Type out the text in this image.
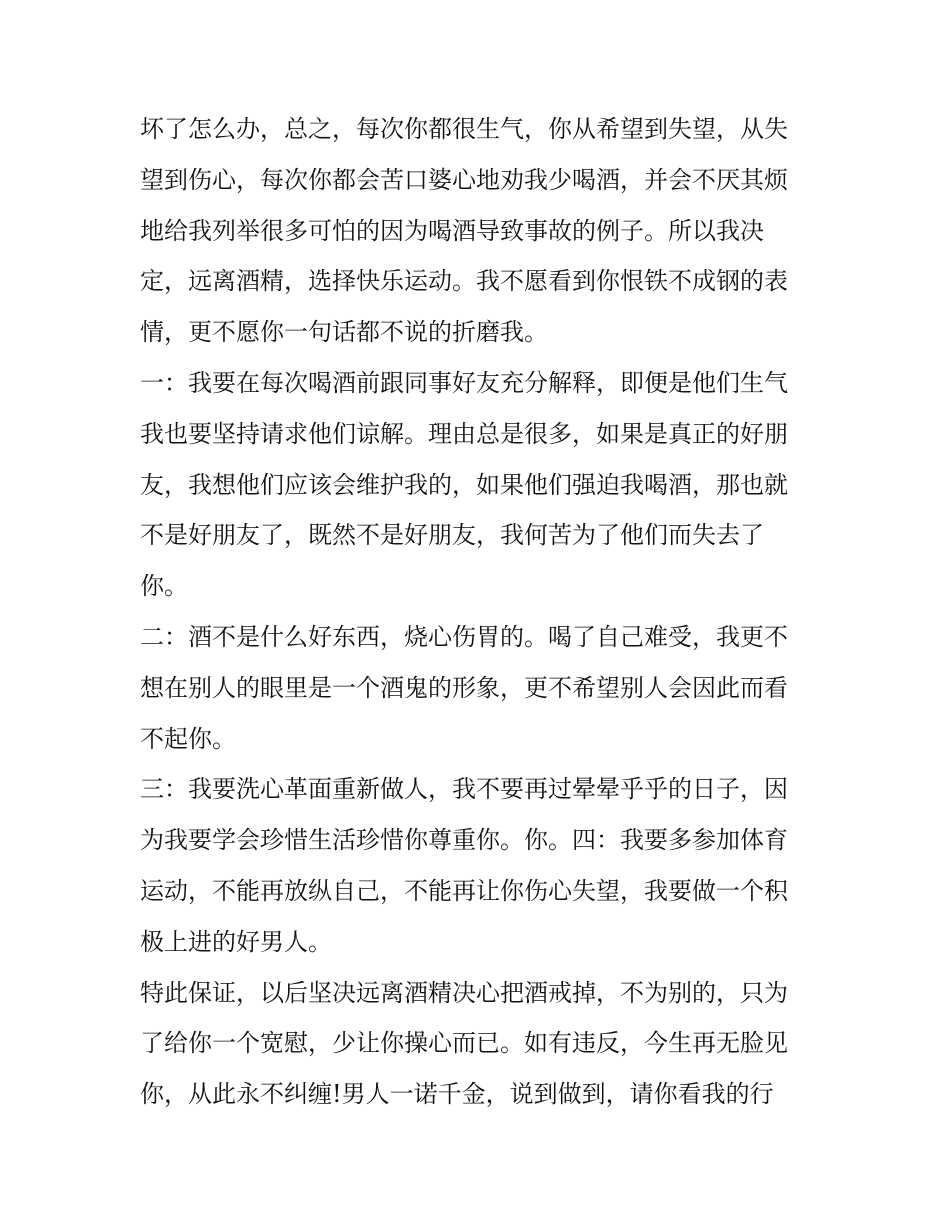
坏了怎么办，总之，每次你都很生气，你从希望到失望，从失
望到伤心，每次你都会苦口婆心地劝我少喝酒，并会不厌其烦
地给我列举很多可怕的因为喝酒导致事故的例子。所以我决
定，远离酒精，选择快乐运动。我不愿看到你恨铁不成钢的表
情，更不愿你一句话都不说的折磨我。
一：我要在每次喝酒前跟同事好友充分解释，即便是他们生气
我也要坚持请求他们谅解。理由总是很多，如果是真正的好朋
友，我想他们应该会维护我的，如果他们强迫我喝酒，那也就
不是好朋友了，既然不是好朋友，我何苦为了他们而失去了
你。
二：酒不是什么好东西，烧心伤胃的。喝了自己难受，我更不
想在别人的眼里是一个酒鬼的形象，更不希望别人会因此而看
不起你。
三：我要洗心革面重新做人，我不要再过晕晕乎乎的日子，因
为我要学会珍惜生活珍惜你尊重你。你。四：我要多参加体育
运动，不能再放纵自己，不能再让你伤心失望，我要做一个积
极上进的好男人。
特此保证，以后坚决远离酒精决心把酒戒掉，不为别的，只为
了给你一个宽慰，少让你操心而已。如有违反，今生再无脸见
你，从此永不纠缠!男人一诺千金，说到做到，请你看我的行
